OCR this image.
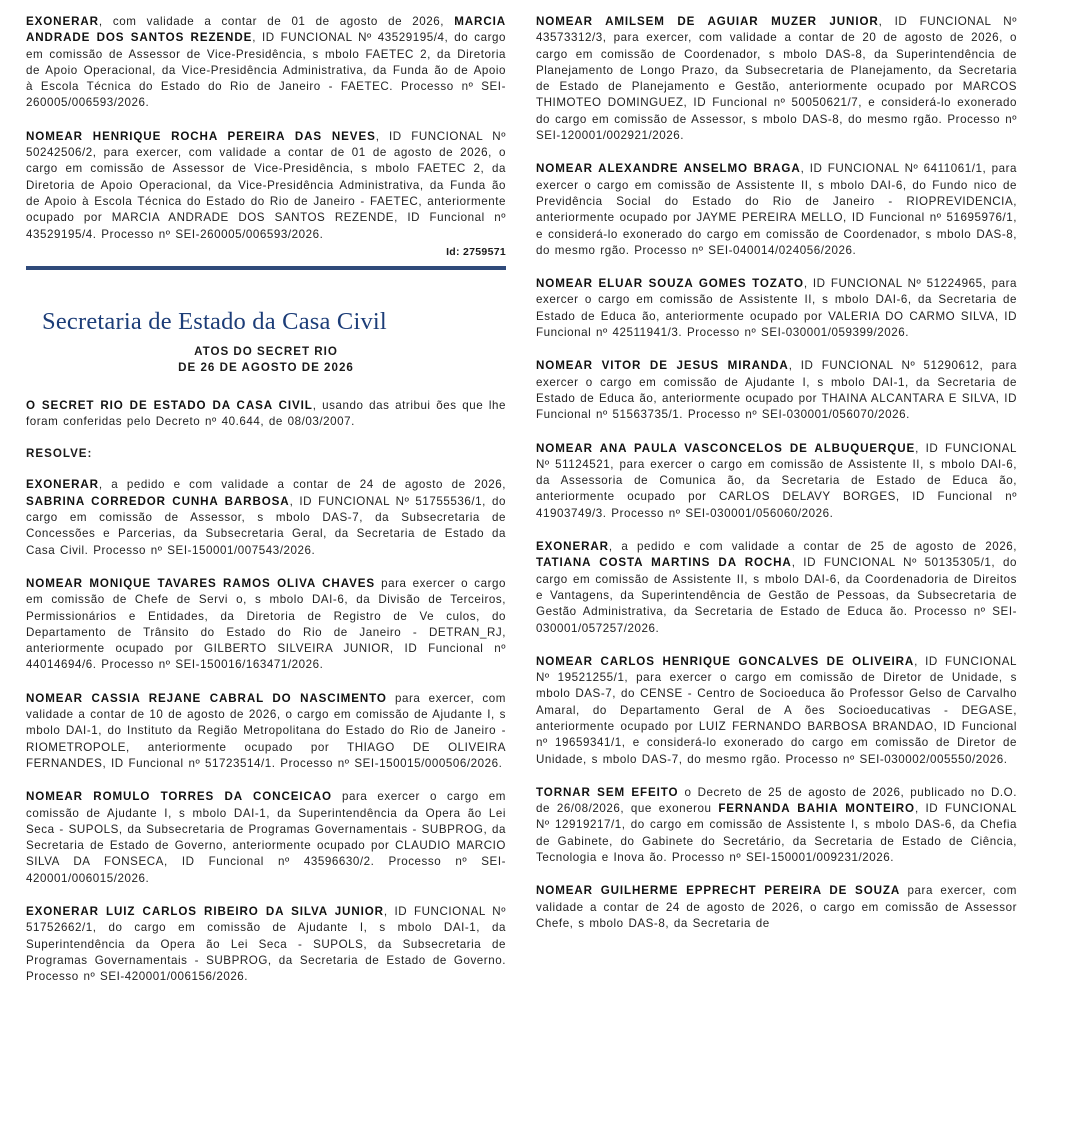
EXONERAR, com validade a contar de 01 de agosto de 2026, MARCIA ANDRADE DOS SANTOS REZENDE, ID FUNCIONAL Nº 43529195/4, do cargo em comissão de Assessor de Vice-Presidência, s mbolo FAETEC 2, da Diretoria de Apoio Operacional, da Vice-Presidência Administrativa, da Funda ão de Apoio à Escola Técnica do Estado do Rio de Janeiro - FAETEC. Processo nº SEI-260005/006593/2026.

NOMEAR HENRIQUE ROCHA PEREIRA DAS NEVES, ID FUNCIONAL Nº 50242506/2, para exercer, com validade a contar de 01 de agosto de 2026, o cargo em comissão de Assessor de Vice-Presidência, s mbolo FAETEC 2, da Diretoria de Apoio Operacional, da Vice-Presidência Administrativa, da Funda ão de Apoio à Escola Técnica do Estado do Rio de Janeiro - FAETEC, anteriormente ocupado por MARCIA ANDRADE DOS SANTOS REZENDE, ID Funcional nº 43529195/4. Processo nº SEI-260005/006593/2026.

Id: 2759571
Secretaria de Estado da Casa Civil
ATOS DO SECRET RIO
DE 26 DE AGOSTO DE 2026

O SECRET RIO DE ESTADO DA CASA CIVIL, usando das atribui ões que lhe foram conferidas pelo Decreto nº 40.644, de 08/03/2007.

RESOLVE:

EXONERAR, a pedido e com validade a contar de 24 de agosto de 2026, SABRINA CORREDOR CUNHA BARBOSA, ID FUNCIONAL Nº 51755536/1, do cargo em comissão de Assessor, s mbolo DAS-7, da Subsecretaria de Concessões e Parcerias, da Subsecretaria Geral, da Secretaria de Estado da Casa Civil. Processo nº SEI-150001/007543/2026.

NOMEAR MONIQUE TAVARES RAMOS OLIVA CHAVES para exercer o cargo em comissão de Chefe de Servi o, s mbolo DAI-6, da Divisão de Terceiros, Permissionários e Entidades, da Diretoria de Registro de Ve culos, do Departamento de Trânsito do Estado do Rio de Janeiro - DETRAN_RJ, anteriormente ocupado por GILBERTO SILVEIRA JUNIOR, ID Funcional nº 44014694/6. Processo nº SEI-150016/163471/2026.

NOMEAR CASSIA REJANE CABRAL DO NASCIMENTO para exercer, com validade a contar de 10 de agosto de 2026, o cargo em comissão de Ajudante I, s mbolo DAI-1, do Instituto da Região Metropolitana do Estado do Rio de Janeiro - RIOMETROPOLE, anteriormente ocupado por THIAGO DE OLIVEIRA FERNANDES, ID Funcional nº 51723514/1. Processo nº SEI-150015/000506/2026.

NOMEAR ROMULO TORRES DA CONCEICAO para exercer o cargo em comissão de Ajudante I, s mbolo DAI-1, da Superintendência da Opera ão Lei Seca - SUPOLS, da Subsecretaria de Programas Governamentais - SUBPROG, da Secretaria de Estado de Governo, anteriormente ocupado por CLAUDIO MARCIO SILVA DA FONSECA, ID Funcional nº 43596630/2. Processo nº SEI-420001/006015/2026.

EXONERAR LUIZ CARLOS RIBEIRO DA SILVA JUNIOR, ID FUNCIONAL Nº 51752662/1, do cargo em comissão de Ajudante I, s mbolo DAI-1, da Superintendência da Opera ão Lei Seca - SUPOLS, da Subsecretaria de Programas Governamentais - SUBPROG, da Secretaria de Estado de Governo. Processo nº SEI-420001/006156/2026.

NOMEAR AMILSEM DE AGUIAR MUZER JUNIOR, ID FUNCIONAL Nº 43573312/3, para exercer, com validade a contar de 20 de agosto de 2026, o cargo em comissão de Coordenador, s mbolo DAS-8, da Superintendência de Planejamento de Longo Prazo, da Subsecretaria de Planejamento, da Secretaria de Estado de Planejamento e Gestão, anteriormente ocupado por MARCOS THIMOTEO DOMINGUEZ, ID Funcional nº 50050621/7, e considerá-lo exonerado do cargo em comissão de Assessor, s mbolo DAS-8, do mesmo rgão. Processo nº SEI-120001/002921/2026.

NOMEAR ALEXANDRE ANSELMO BRAGA, ID FUNCIONAL Nº 6411061/1, para exercer o cargo em comissão de Assistente II, s mbolo DAI-6, do Fundo nico de Previdência Social do Estado do Rio de Janeiro - RIOPREVIDENCIA, anteriormente ocupado por JAYME PEREIRA MELLO, ID Funcional nº 51695976/1, e considerá-lo exonerado do cargo em comissão de Coordenador, s mbolo DAS-8, do mesmo rgão. Processo nº SEI-040014/024056/2026.

NOMEAR ELUAR SOUZA GOMES TOZATO, ID FUNCIONAL Nº 51224965, para exercer o cargo em comissão de Assistente II, s mbolo DAI-6, da Secretaria de Estado de Educa ão, anteriormente ocupado por VALERIA DO CARMO SILVA, ID Funcional nº 42511941/3. Processo nº SEI-030001/059399/2026.

NOMEAR VITOR DE JESUS MIRANDA, ID FUNCIONAL Nº 51290612, para exercer o cargo em comissão de Ajudante I, s mbolo DAI-1, da Secretaria de Estado de Educa ão, anteriormente ocupado por THAINA ALCANTARA E SILVA, ID Funcional nº 51563735/1. Processo nº SEI-030001/056070/2026.

NOMEAR ANA PAULA VASCONCELOS DE ALBUQUERQUE, ID FUNCIONAL Nº 51124521, para exercer o cargo em comissão de Assistente II, s mbolo DAI-6, da Assessoria de Comunica ão, da Secretaria de Estado de Educa ão, anteriormente ocupado por CARLOS DELAVY BORGES, ID Funcional nº 41903749/3. Processo nº SEI-030001/056060/2026.

EXONERAR, a pedido e com validade a contar de 25 de agosto de 2026, TATIANA COSTA MARTINS DA ROCHA, ID FUNCIONAL Nº 50135305/1, do cargo em comissão de Assistente II, s mbolo DAI-6, da Coordenadoria de Direitos e Vantagens, da Superintendência de Gestão de Pessoas, da Subsecretaria de Gestão Administrativa, da Secretaria de Estado de Educa ão. Processo nº SEI-030001/057257/2026.

NOMEAR CARLOS HENRIQUE GONCALVES DE OLIVEIRA, ID FUNCIONAL Nº 19521255/1, para exercer o cargo em comissão de Diretor de Unidade, s mbolo DAS-7, do CENSE - Centro de Socioeduca ão Professor Gelso de Carvalho Amaral, do Departamento Geral de A ões Socioeducativas - DEGASE, anteriormente ocupado por LUIZ FERNANDO BARBOSA BRANDAO, ID Funcional nº 19659341/1, e considerá-lo exonerado do cargo em comissão de Diretor de Unidade, s mbolo DAS-7, do mesmo rgão. Processo nº SEI-030002/005550/2026.

TORNAR SEM EFEITO o Decreto de 25 de agosto de 2026, publicado no D.O. de 26/08/2026, que exonerou FERNANDA BAHIA MONTEIRO, ID FUNCIONAL Nº 12919217/1, do cargo em comissão de Assistente I, s mbolo DAS-6, da Chefia de Gabinete, do Gabinete do Secretário, da Secretaria de Estado de Ciência, Tecnologia e Inova ão. Processo nº SEI-150001/009231/2026.

NOMEAR GUILHERME EPPRECHT PEREIRA DE SOUZA para exercer, com validade a contar de 24 de agosto de 2026, o cargo em comissão de Assessor Chefe, s mbolo DAS-8, da Secretaria de
